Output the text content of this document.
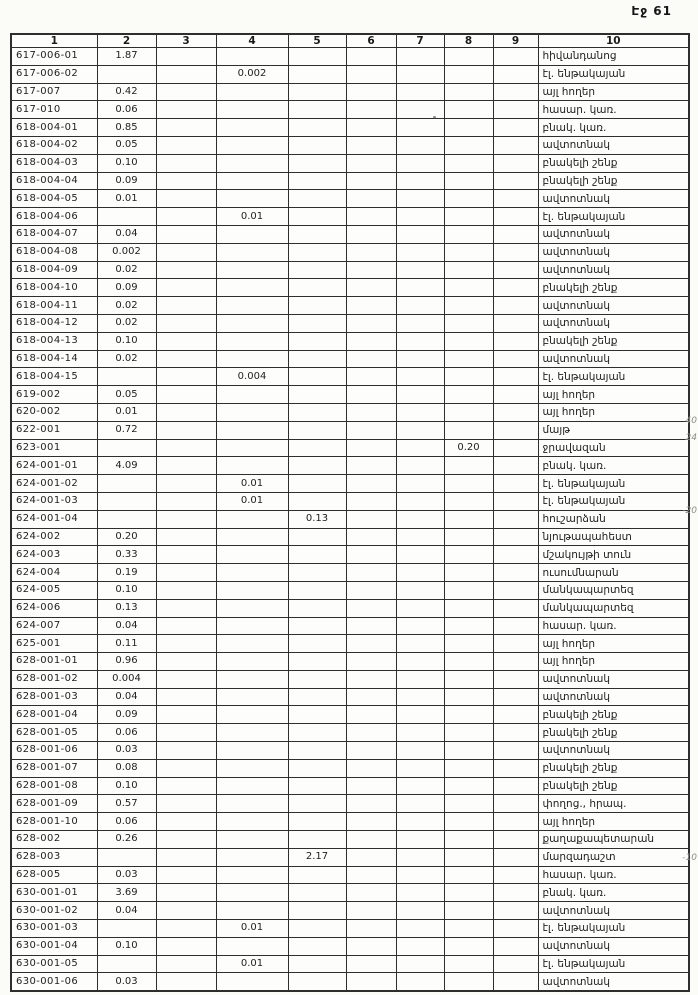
Էջ 61
1	2	3	4	5	6	7	8	9	10
617-006-01	1.87								հիվանդանոց
617-006-02			0.002						էլ. ենթակայան
617-007	0.42								այլ հողեր
617-010	0.06								հասար. կառ.
618-004-01	0.85								բնակ. կառ.
618-004-02	0.05								ավտոտնակ
618-004-03	0.10								բնակելի շենք
618-004-04	0.09								բնակելի շենք
618-004-05	0.01								ավտոտնակ
618-004-06			0.01						էլ. ենթակայան
618-004-07	0.04								ավտոտնակ
618-004-08	0.002								ավտոտնակ
618-004-09	0.02								ավտոտնակ
618-004-10	0.09								բնակելի շենք
618-004-11	0.02								ավտոտնակ
618-004-12	0.02								ավտոտնակ
618-004-13	0.10								բնակելի շենք
618-004-14	0.02								ավտոտնակ
618-004-15			0.004						էլ. ենթակայան
619-002	0.05								այլ հողեր
620-002	0.01								այլ հողեր
622-001	0.72								մայթ
623-001							0.20		ջրավազան
624-001-01	4.09								բնակ. կառ.
624-001-02			0.01						էլ. ենթակայան
624-001-03			0.01						էլ. ենթակայան
624-001-04				0.13					հուշարձան
624-002	0.20								նյութապահեստ
624-003	0.33								մշակույթի տուն
624-004	0.19								ուսումնարան
624-005	0.10								մանկապարտեզ
624-006	0.13								մանկապարտեզ
624-007	0.04								հասար. կառ.
625-001	0.11								այլ հողեր
628-001-01	0.96								այլ հողեր
628-001-02	0.004								ավտոտնակ
628-001-03	0.04								ավտոտնակ
628-001-04	0.09								բնակելի շենք
628-001-05	0.06								բնակելի շենք
628-001-06	0.03								ավտոտնակ
628-001-07	0.08								բնակելի շենք
628-001-08	0.10								բնակելի շենք
628-001-09	0.57								փողոց., հրապ.
628-001-10	0.06								այլ հողեր
628-002	0.26								քաղաքապետարան
628-003				2.17					մարզադաշտ
628-005	0.03								հասար. կառ.
630-001-01	3.69								բնակ. կառ.
630-001-02	0.04								ավտոտնակ
630-001-03			0.01						էլ. ենթակայան
630-001-04	0.10								ավտոտնակ
630-001-05			0.01						էլ. ենթակայան
630-001-06	0.03								ավտոտնակ
40
24
-20
-10
